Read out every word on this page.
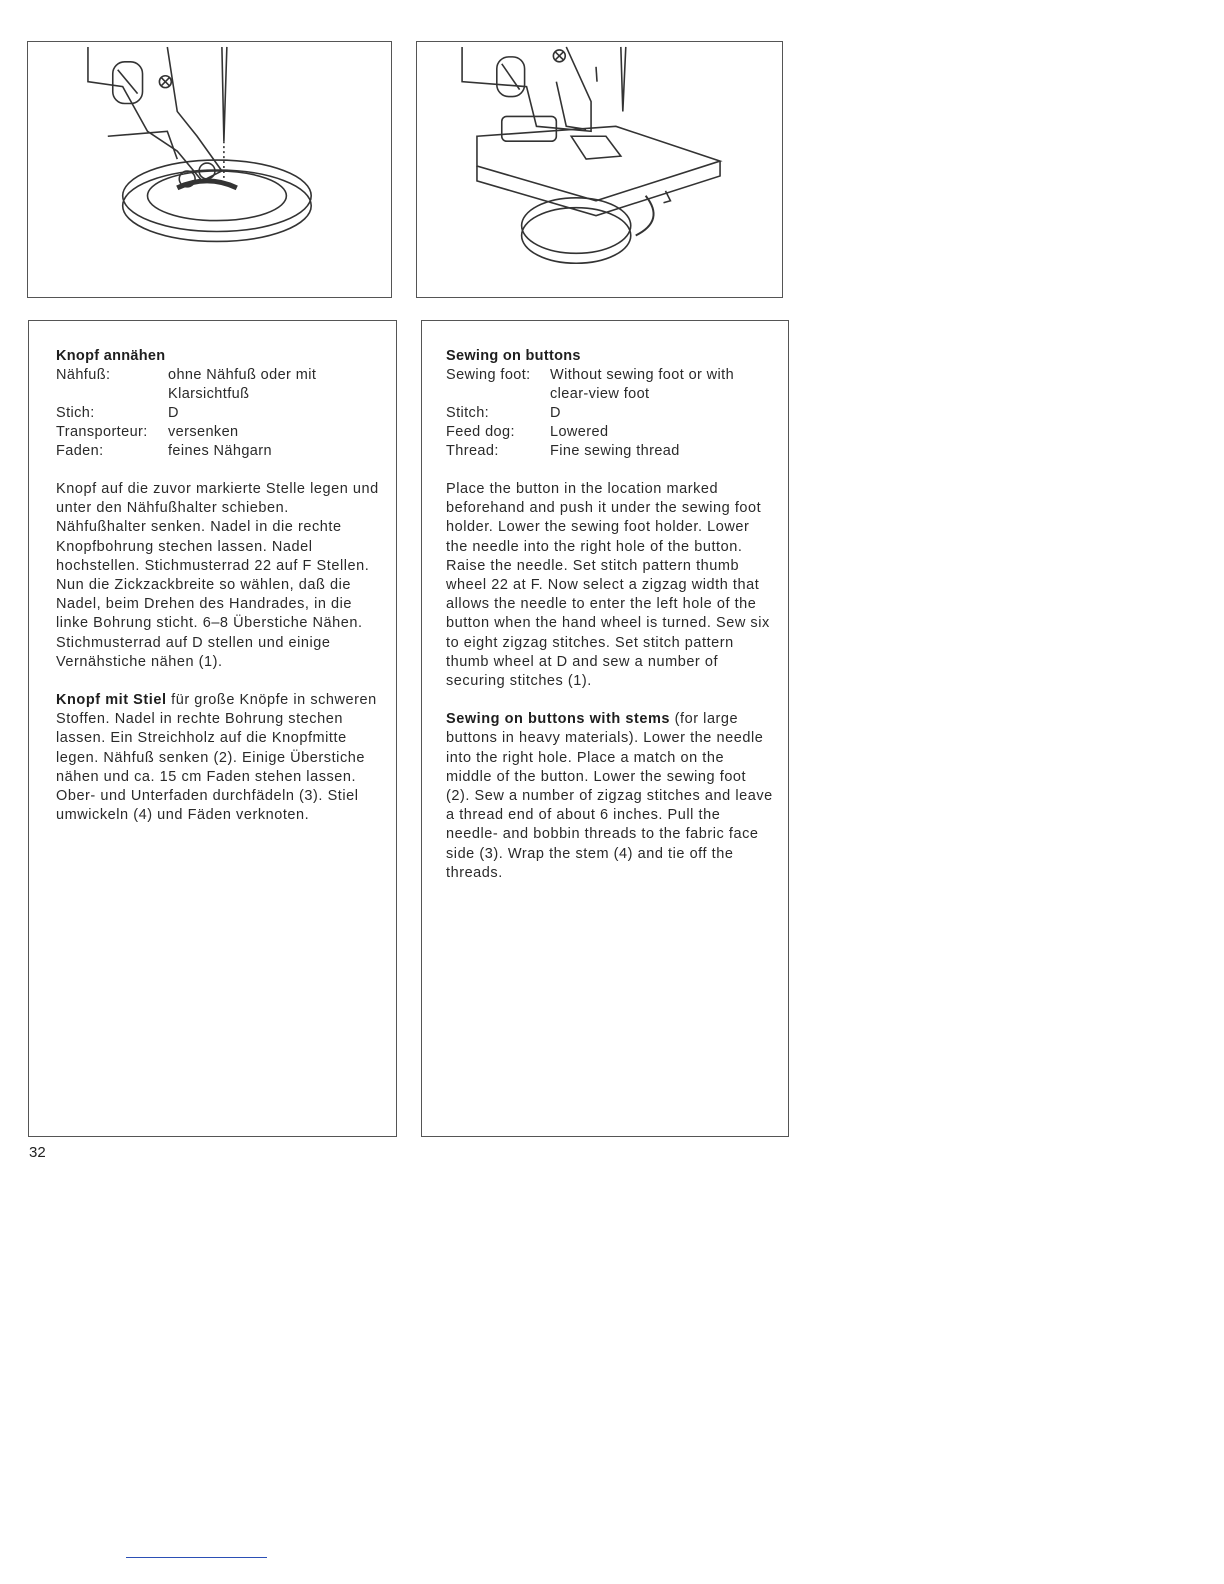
Knopf annähen
Nähfuß:	ohne Nähfuß oder mit Klarsichtfuß
Stich:	D
Transporteur:	versenken
Faden:	feines Nähgarn

Knopf auf die zuvor markierte Stelle legen und unter den Nähfußhalter schieben. Nähfußhalter senken. Nadel in die rechte Knopfbohrung stechen lassen. Nadel hochstellen. Stichmusterrad 22 auf F Stellen. Nun die Zickzackbreite so wählen, daß die Nadel, beim Drehen des Handrades, in die linke Bohrung sticht. 6–8 Überstiche Nähen. Stichmusterrad auf D stellen und einige Vernähstiche nähen (1).

Knopf mit Stiel für große Knöpfe in schweren Stoffen. Nadel in rechte Bohrung stechen lassen. Ein Streichholz auf die Knopfmitte legen. Nähfuß senken (2). Einige Überstiche nähen und ca. 15 cm Faden stehen lassen. Ober- und Unterfaden durchfädeln (3). Stiel umwickeln (4) und Fäden verknoten.

Sewing on buttons
Sewing foot:	Without sewing foot or with clear-view foot
Stitch:	D
Feed dog:	Lowered
Thread:	Fine sewing thread

Place the button in the location marked beforehand and push it under the sewing foot holder. Lower the sewing foot holder. Lower the needle into the right hole of the button. Raise the needle. Set stitch pattern thumb wheel 22 at F. Now select a zigzag width that allows the needle to enter the left hole of the button when the hand wheel is turned. Sew six to eight zigzag stitches. Set stitch pattern thumb wheel at D and sew a number of securing stitches (1).

Sewing on buttons with stems (for large buttons in heavy materials). Lower the needle into the right hole. Place a match on the middle of the button. Lower the sewing foot (2). Sew a number of zigzag stitches and leave a thread end of about 6 inches. Pull the needle- and bobbin threads to the fabric face side (3). Wrap the stem (4) and tie off the threads.

32
